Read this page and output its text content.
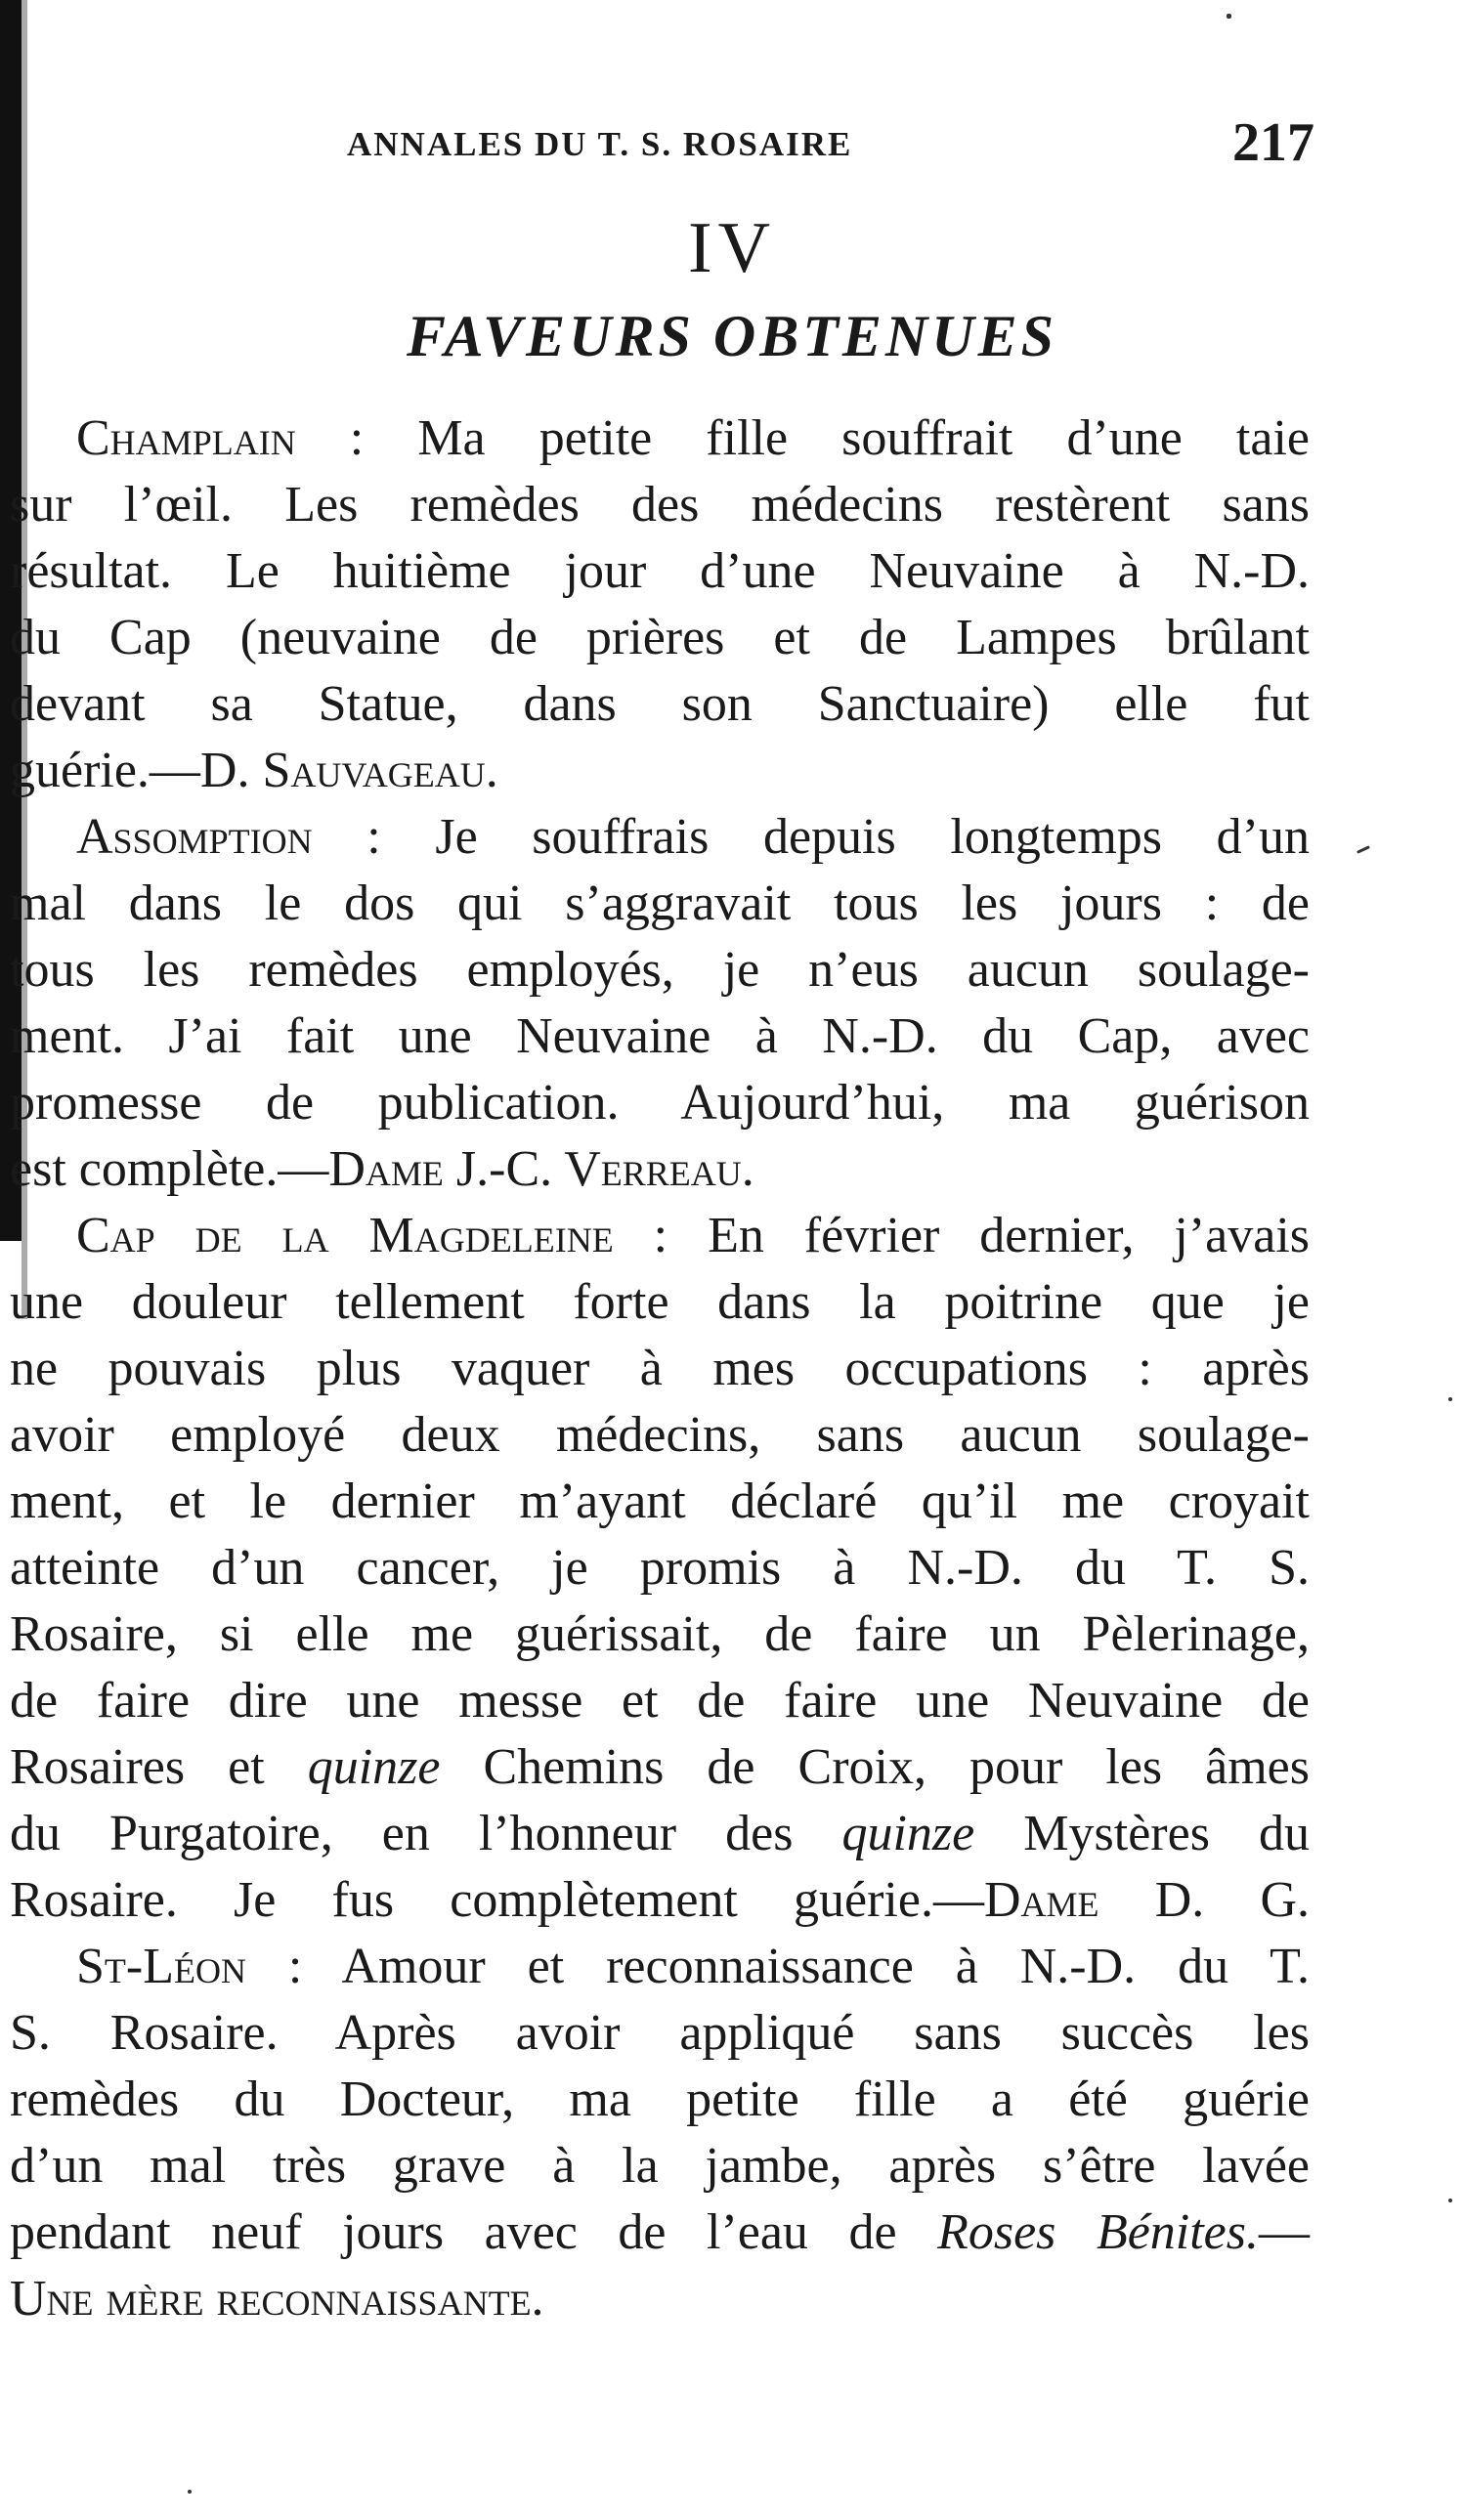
ANNALES DU T. S. ROSAIRE	217
IV
FAVEURS OBTENUES
Champlain : Ma petite fille souffrait d’une taie
sur l’œil. Les remèdes des médecins restèrent sans
résultat. Le huitième jour d’une Neuvaine à N.-D.
du Cap (neuvaine de prières et de Lampes brûlant
devant sa Statue, dans son Sanctuaire) elle fut
guérie.—D. Sauvageau.
Assomption : Je souffrais depuis longtemps d’un
mal dans le dos qui s’aggravait tous les jours : de
tous les remèdes employés, je n’eus aucun soulage-
ment. J’ai fait une Neuvaine à N.-D. du Cap, avec
promesse de publication. Aujourd’hui, ma guérison
est complète.—Dame J.-C. Verreau.
Cap de la Magdeleine : En février dernier, j’avais
une douleur tellement forte dans la poitrine que je
ne pouvais plus vaquer à mes occupations : après
avoir employé deux médecins, sans aucun soulage-
ment, et le dernier m’ayant déclaré qu’il me croyait
atteinte d’un cancer, je promis à N.-D. du T. S.
Rosaire, si elle me guérissait, de faire un Pèlerinage,
de faire dire une messe et de faire une Neuvaine de
Rosaires et quinze Chemins de Croix, pour les âmes
du Purgatoire, en l’honneur des quinze Mystères du
Rosaire. Je fus complètement guérie.—Dame D. G.
St-Léon : Amour et reconnaissance à N.-D. du T.
S. Rosaire. Après avoir appliqué sans succès les
remèdes du Docteur, ma petite fille a été guérie
d’un mal très grave à la jambe, après s’être lavée
pendant neuf jours avec de l’eau de Roses Bénites.—
Une mère reconnaissante.
